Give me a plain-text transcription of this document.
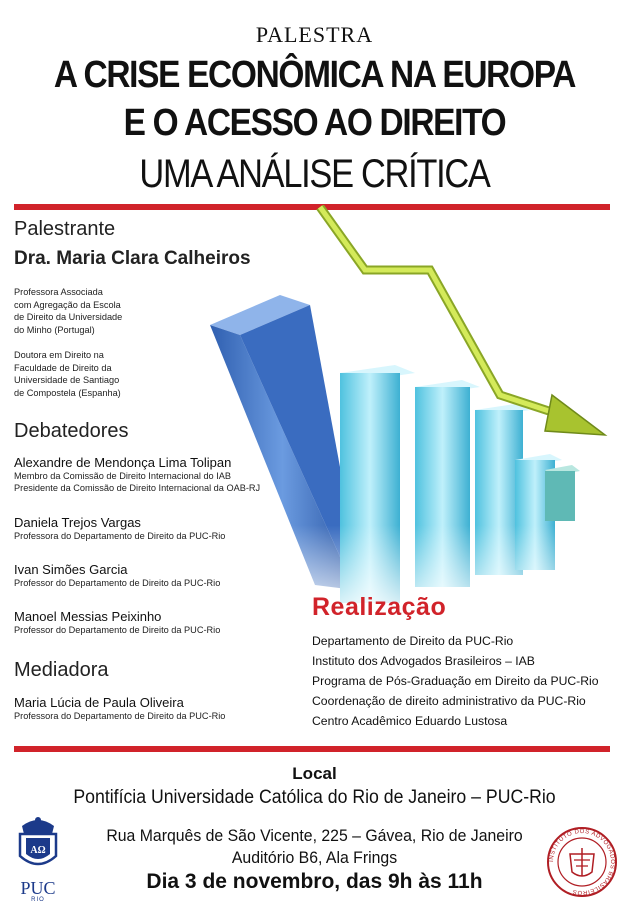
PALESTRA
A CRISE ECONÔMICA NA EUROPA
E O ACESSO AO DIREITO
UMA ANÁLISE CRÍTICA
Palestrante
Dra. Maria Clara Calheiros
Professora Associada
com Agregação da Escola
de Direito da Universidade
do Minho (Portugal)
Doutora em Direito na
Faculdade de Direito da
Universidade de Santiago
de Compostela (Espanha)
Debatedores
Alexandre de Mendonça Lima Tolipan
Membro da Comissão de Direito Internacional do IAB
Presidente da Comissão de Direito Internacional da OAB-RJ
Daniela Trejos Vargas
Professora do Departamento de Direito da PUC-Rio
Ivan Simões Garcia
Professor do Departamento de Direito da PUC-Rio
Manoel Messias Peixinho
Professor do Departamento de Direito da PUC-Rio
Mediadora
Maria Lúcia de Paula Oliveira
Professora do Departamento de Direito da PUC-Rio
Realização
Departamento de Direito da PUC-Rio
Instituto dos Advogados Brasileiros – IAB
Programa de Pós-Graduação em Direito da PUC-Rio
Coordenação de direito administrativo da PUC-Rio
Centro Acadêmico Eduardo Lustosa
Local
Pontifícia Universidade Católica do Rio de Janeiro – PUC-Rio
Rua Marquês de São Vicente, 225 – Gávea, Rio de Janeiro
Auditório B6, Ala Frings
Dia 3 de novembro, das 9h às 11h
AΩ
PUC
RIO
INSTITUTO DOS ADVOGADOS BRASILEIROS
